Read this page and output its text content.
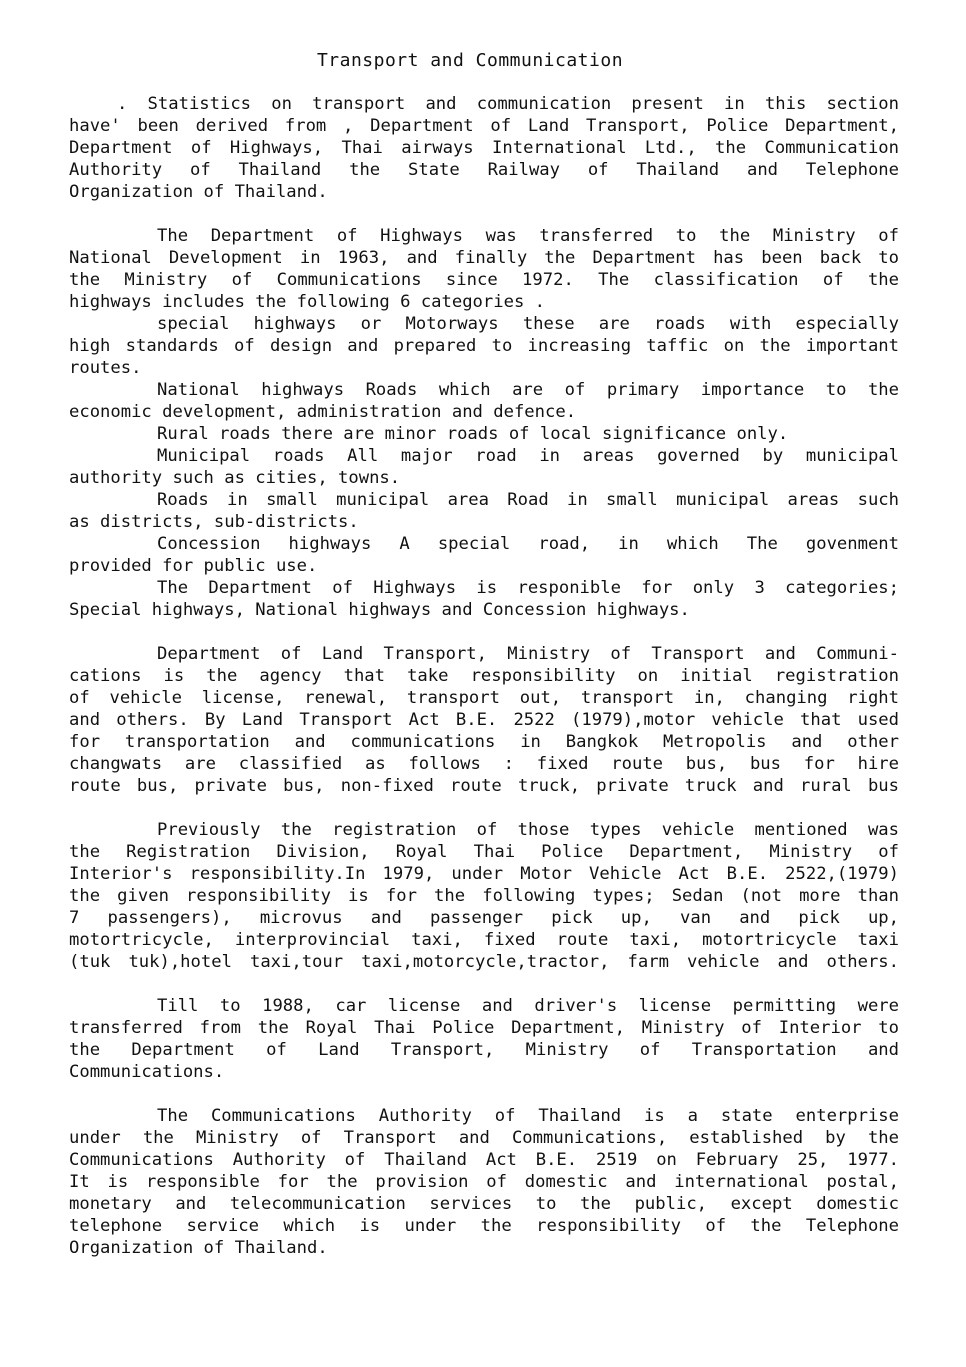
Transport and Communication
. Statistics on transport and communication present in this section
have' been derived from , Department of Land Transport, Police Department,
Department of Highways, Thai airways International Ltd., the Communication
Authority of Thailand the State Railway of Thailand and Telephone
Organization of Thailand.
The Department of Highways was transferred to the Ministry of
National Development in 1963, and finally the Department has been back to
the Ministry of Communications since 1972. The classification of the
highways includes the following 6 categories .
special highways or Motorways these are roads with especially
high standards of design and prepared to increasing taffic on the important
routes.
National highways Roads which are of primary importance to the
economic development, administration and defence.
Rural roads there are minor roads of local significance only.
Municipal roads All major road in areas governed by municipal
authority such as cities, towns.
Roads in small municipal area Road in small municipal areas such
as districts, sub-districts.
Concession highways A special road, in which The govenment
provided for public use.
The Department of Highways is responible for only 3 categories;
Special highways, National highways and Concession highways.
Department of Land Transport, Ministry of Transport and Communi-
cations is the agency that take responsibility on initial registration
of vehicle license, renewal, transport out, transport in, changing right
and others. By Land Transport Act B.E. 2522 (1979),motor vehicle that used
for transportation and communications in Bangkok Metropolis and other
changwats are classified as follows : fixed route bus, bus for hire
route bus, private bus, non-fixed route truck, private truck and rural bus
Previously the registration of those types vehicle mentioned was
the Registration Division, Royal Thai Police Department, Ministry of
Interior's responsibility.In 1979, under Motor Vehicle Act B.E. 2522,(1979)
the given responsibility is for the following types; Sedan (not more than
7 passengers), microvus and passenger pick up, van and pick up,
motortricycle, interprovincial taxi, fixed route taxi, motortricycle taxi
(tuk tuk),hotel taxi,tour taxi,motorcycle,tractor, farm vehicle and others.
Till to 1988, car license and driver's license permitting were
transferred from the Royal Thai Police Department, Ministry of Interior to
the Department of Land Transport, Ministry of Transportation and
Communications.
The Communications Authority of Thailand is a state enterprise
under the Ministry of Transport and Communications, established by the
Communications Authority of Thailand Act B.E. 2519 on February 25, 1977.
It is responsible for the provision of domestic and international postal,
monetary and telecommunication services to the public, except domestic
telephone service which is under the responsibility of the Telephone
Organization of Thailand.
